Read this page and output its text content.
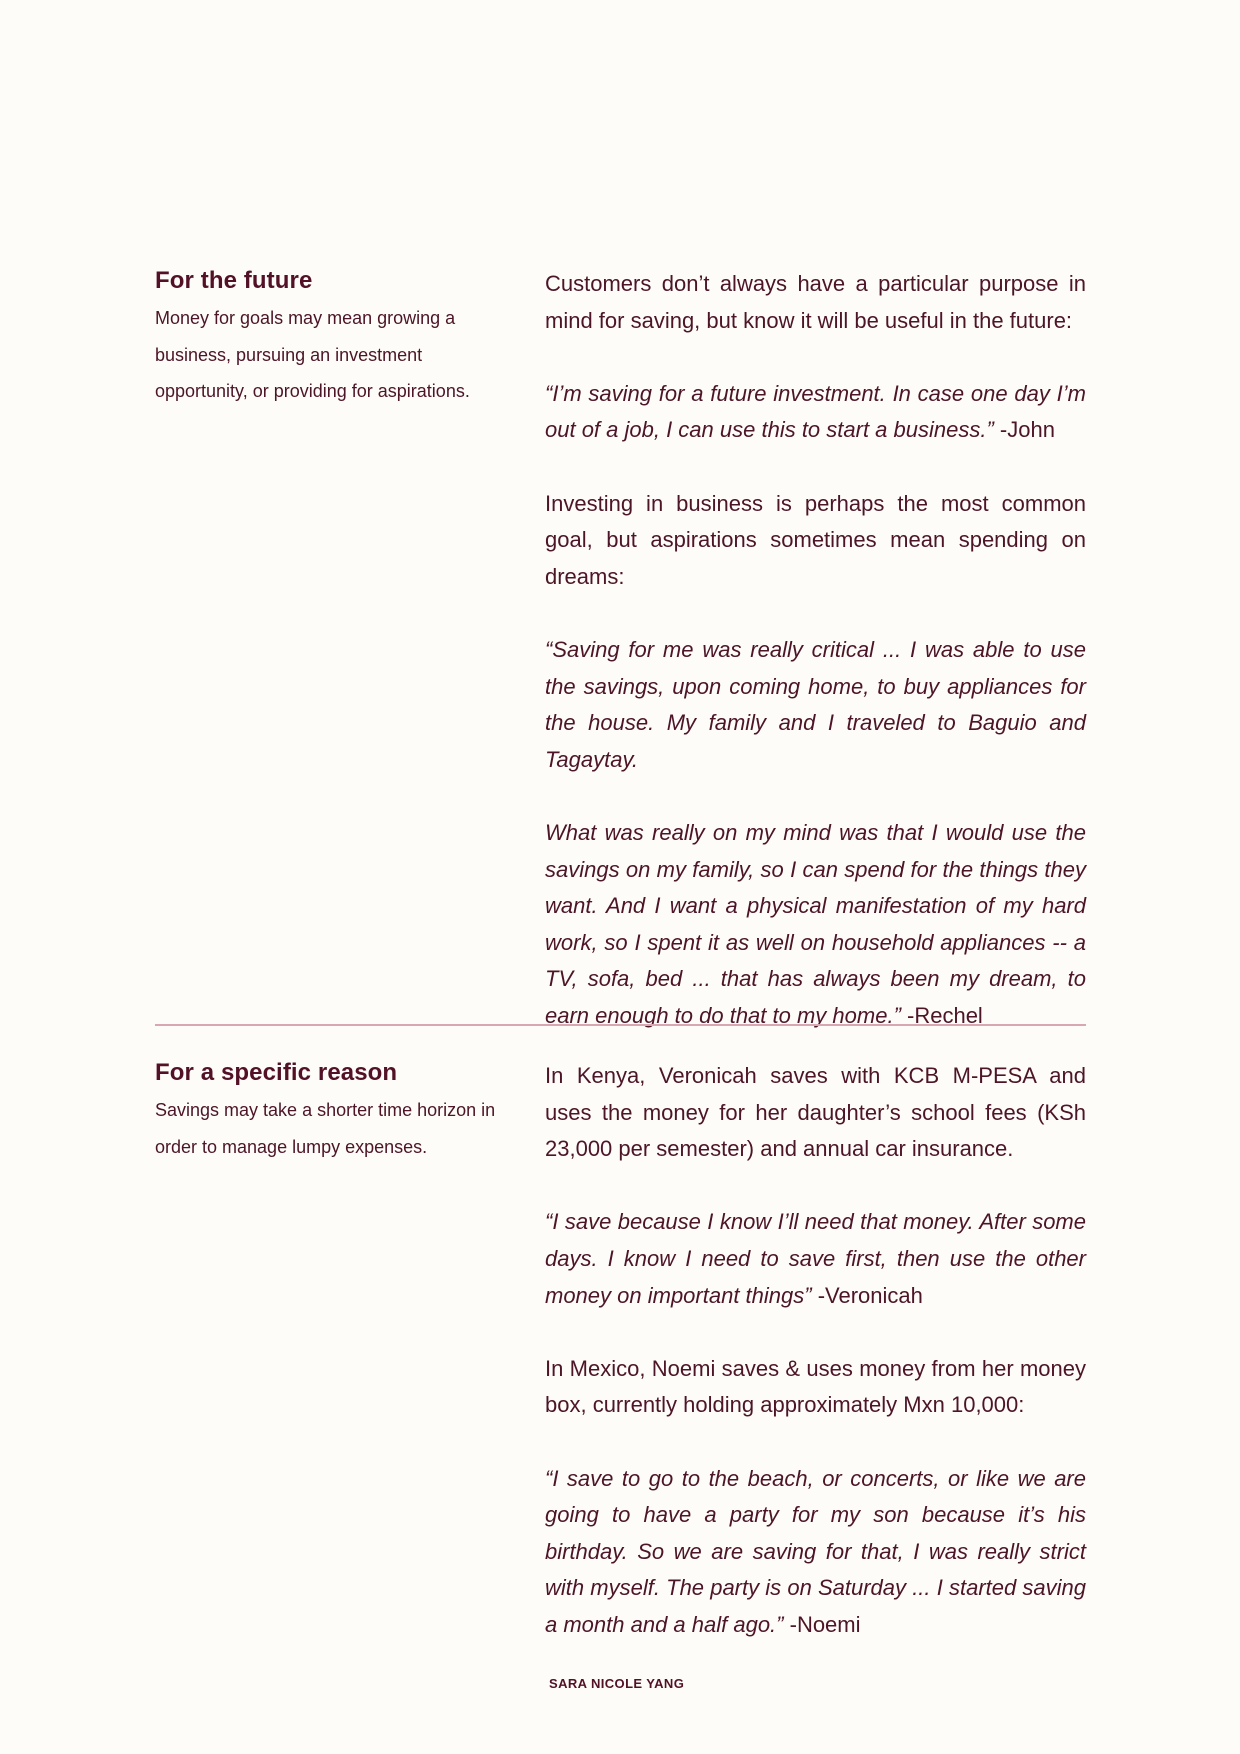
For the future

Money for goals may mean growing a business, pursuing an investment opportunity, or providing for aspirations.

Customers don’t always have a particular purpose in mind for saving, but know it will be useful in the future:

“I’m saving for a future investment. In case one day I’m out of a job, I can use this to start a business.” -John

Investing in business is perhaps the most common goal, but aspirations sometimes mean spending on dreams:

“Saving for me was really critical ... I was able to use the savings, upon coming home, to buy appliances for the house. My family and I traveled to Baguio and Tagaytay.

What was really on my mind was that I would use the savings on my family, so I can spend for the things they want. And I want a physical manifestation of my hard work, so I spent it as well on household appliances -- a TV, sofa, bed ... that has always been my dream, to earn enough to do that to my home.” -Rechel

For a specific reason

Savings may take a shorter time horizon in order to manage lumpy expenses.

In Kenya, Veronicah saves with KCB M-PESA and uses the money for her daughter’s school fees (KSh 23,000 per semester) and annual car insurance.

“I save because I know I’ll need that money. After some days. I know I need to save first, then use the other money on important things” -Veronicah

In Mexico, Noemi saves & uses money from her money box, currently holding approximately Mxn 10,000:

“I save to go to the beach, or concerts, or like we are going to have a party for my son because it’s his birthday. So we are saving for that, I was really strict with myself. The party is on Saturday ... I started saving a month and a half ago.” -Noemi

SARA NICOLE YANG
